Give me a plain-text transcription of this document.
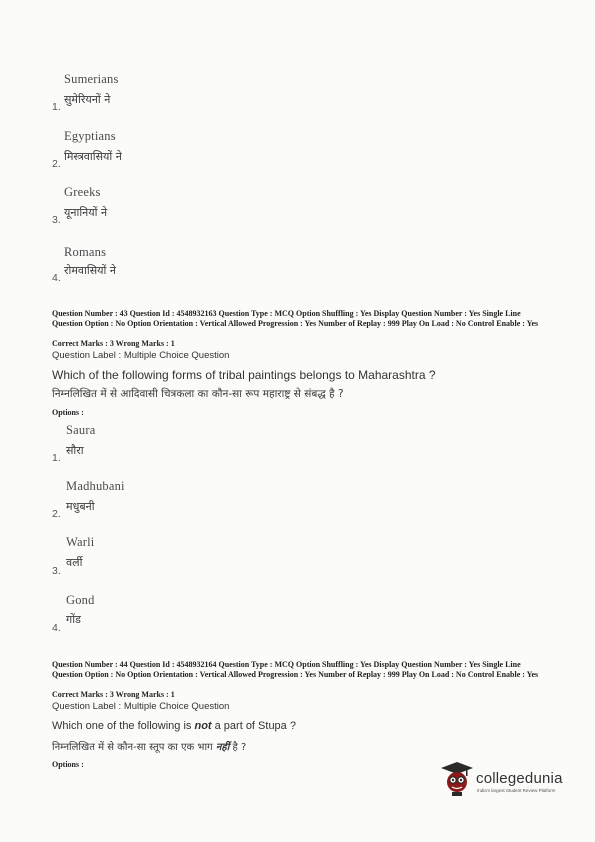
Sumerians
1.
सुमेरियनों ने
Egyptians
2.
मिस्त्रवासियों ने
Greeks
3.
यूनानियों ने
Romans
4.
रोमवासियों ने
Question Number : 43 Question Id : 4548932163 Question Type : MCQ Option Shuffling : Yes Display Question Number : Yes Single Line Question Option : No Option Orientation : Vertical Allowed Progression : Yes Number of Replay : 999 Play On Load : No Control Enable : Yes
Correct Marks : 3 Wrong Marks : 1
Question Label : Multiple Choice Question
Which of the following forms of tribal paintings belongs to Maharashtra ?
निम्नलिखित में से आदिवासी चित्रकला का कौन-सा रूप महाराष्ट्र से संबद्ध है ?
Options :
Saura
1.
सौरा
Madhubani
2.
मधुबनी
Warli
3.
वर्ली
Gond
4.
गोंड
Question Number : 44 Question Id : 4548932164 Question Type : MCQ Option Shuffling : Yes Display Question Number : Yes Single Line Question Option : No Option Orientation : Vertical Allowed Progression : Yes Number of Replay : 999 Play On Load : No Control Enable : Yes
Correct Marks : 3 Wrong Marks : 1
Question Label : Multiple Choice Question
Which one of the following is not a part of Stupa ?
निम्नलिखित में से कौन-सा स्तूप का एक भाग नहीं है ?
Options :
collegedunia
India's largest Student Review Platform
